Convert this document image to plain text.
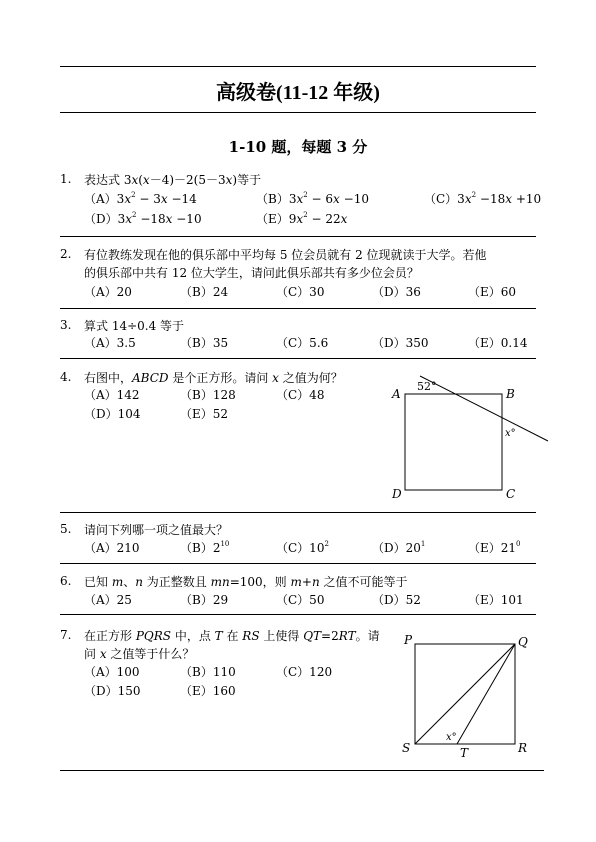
高级卷(11-12 年级)
1-10 题，每题 3 分
1. 表达式 3x(x－4)－2(5－3x)等于
$(A)3x^2 - 3x -14$	$(B)3x^2 - 6x -10$	$(C)3x^2 -18x +10$
$(D)3x^2 -18x -10$	$(E)9x^2 - 22x$
2. 有位教练发现在他的俱乐部中平均每 5 位会员就有 2 位现就读于大学。若他
的俱乐部中共有 12 位大学生，请问此俱乐部共有多少位会员？
（A）20	（B）24	（C）30	（D）36	（E）60
3. 算式 14÷0.4 等于
（A）3.5	（B）35	（C）5.6	（D）350	（E）0.14
4. 右图中，ABCD 是个正方形。请问 x 之值为何？
（A）142	（B）128	（C）48
（D）104	（E）52
A	B
C
D
52°
x°
5. 请问下列哪一项之值最大？
（A）210	$(B)2^{10}$	$(C)10^2$	$(D)20^1$	$(E)21^0$
6. 已知 m、n 为正整数且 mn=100，则 m+n 之值不可能等于
（A）25	（B）29	（C）50	（D）52	（E）101
7. 在正方形 PQRS 中，点 T 在 RS 上使得 QT=2RT。请
问 x 之值等于什么？
（A）100	（B）110	（C）120
（D）150	（E）160
P	Q
S	R
T
x°
